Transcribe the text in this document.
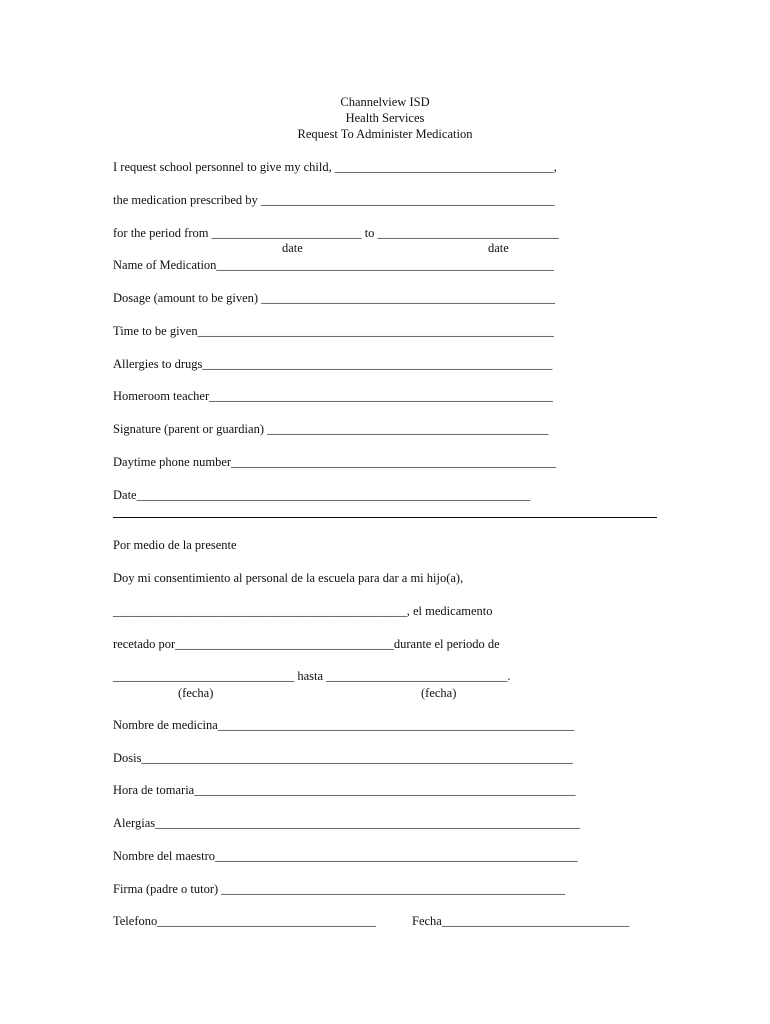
Channelview ISD
Health Services
Request To Administer Medication
I request school personnel to give my child, ___________________________________,
the medication prescribed by _______________________________________________
for the period from ________________________ to _____________________________
date	date
Name of Medication______________________________________________________
Dosage (amount to be given) _______________________________________________
Time to be given_________________________________________________________
Allergies to drugs________________________________________________________
Homeroom teacher_______________________________________________________
Signature (parent or guardian) _____________________________________________
Daytime phone number____________________________________________________
Date_______________________________________________________________
Por medio de la presente
Doy mi consentimiento al personal de la escuela para dar a mi hijo(a),
_______________________________________________, el medicamento
recetado por___________________________________durante el periodo de
_____________________________ hasta _____________________________.
(fecha)	(fecha)
Nombre de medicina_________________________________________________________
Dosis_____________________________________________________________________
Hora de tomaria_____________________________________________________________
Alergias____________________________________________________________________
Nombre del maestro__________________________________________________________
Firma (padre o tutor) _______________________________________________________
Telefono___________________________________	Fecha______________________________
